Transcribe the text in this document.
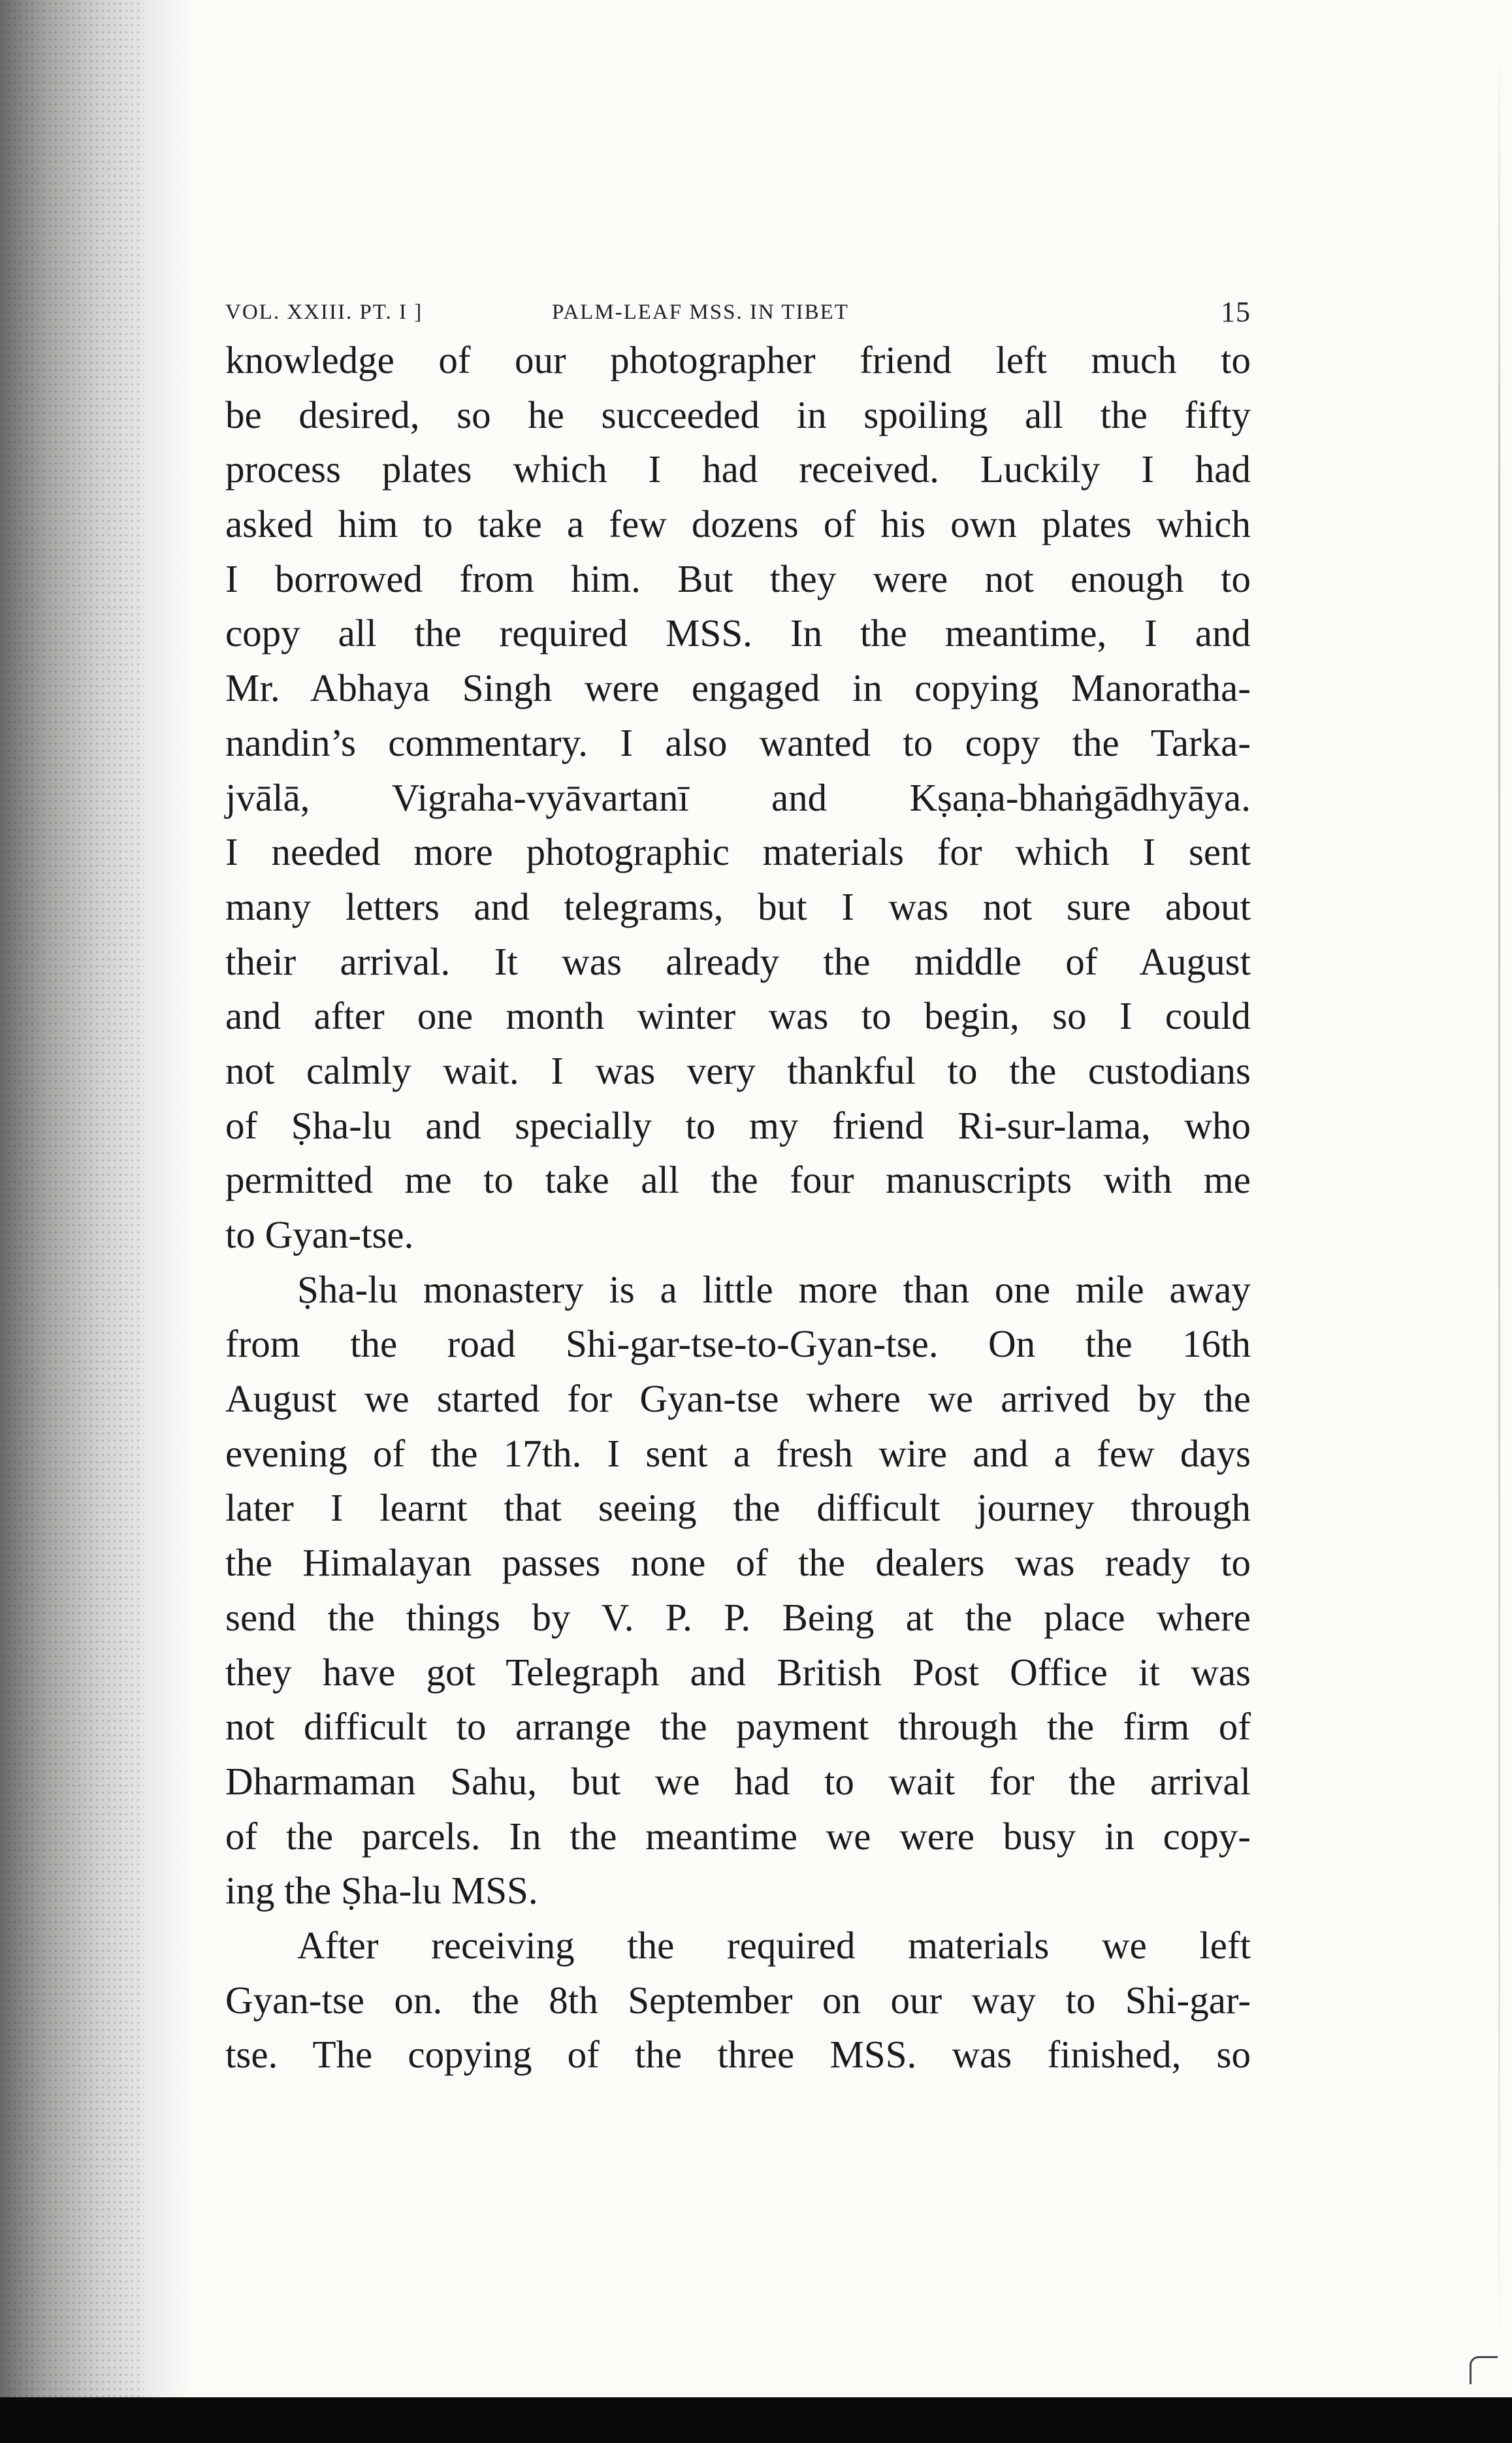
VOL. XXIII. PT. I ]	PALM-LEAF MSS. IN TIBET	15
knowledge of our photographer friend left much to
be desired, so he succeeded in spoiling all the fifty
process plates which I had received. Luckily I had
asked him to take a few dozens of his own plates which
I borrowed from him. But they were not enough to
copy all the required MSS. In the meantime, I and
Mr. Abhaya Singh were engaged in copying Manoratha-
nandin’s commentary. I also wanted to copy the Tarka-
jvālā, Vigraha-vyāvartanī and Kṣaṇa-bhaṅgādhyāya.
I needed more photographic materials for which I sent
many letters and telegrams, but I was not sure about
their arrival. It was already the middle of August
and after one month winter was to begin, so I could
not calmly wait. I was very thankful to the custodians
of Ṣha-lu and specially to my friend Ri-sur-lama, who
permitted me to take all the four manuscripts with me
to Gyan-tse.
Ṣha-lu monastery is a little more than one mile away
from the road Shi-gar-tse-to-Gyan-tse. On the 16th
August we started for Gyan-tse where we arrived by the
evening of the 17th. I sent a fresh wire and a few days
later I learnt that seeing the difficult journey through
the Himalayan passes none of the dealers was ready to
send the things by V. P. P. Being at the place where
they have got Telegraph and British Post Office it was
not difficult to arrange the payment through the firm of
Dharmaman Sahu, but we had to wait for the arrival
of the parcels. In the meantime we were busy in copy-
ing the Ṣha-lu MSS.
After receiving the required materials we left
Gyan-tse on. the 8th September on our way to Shi-gar-
tse. The copying of the three MSS. was finished, so
